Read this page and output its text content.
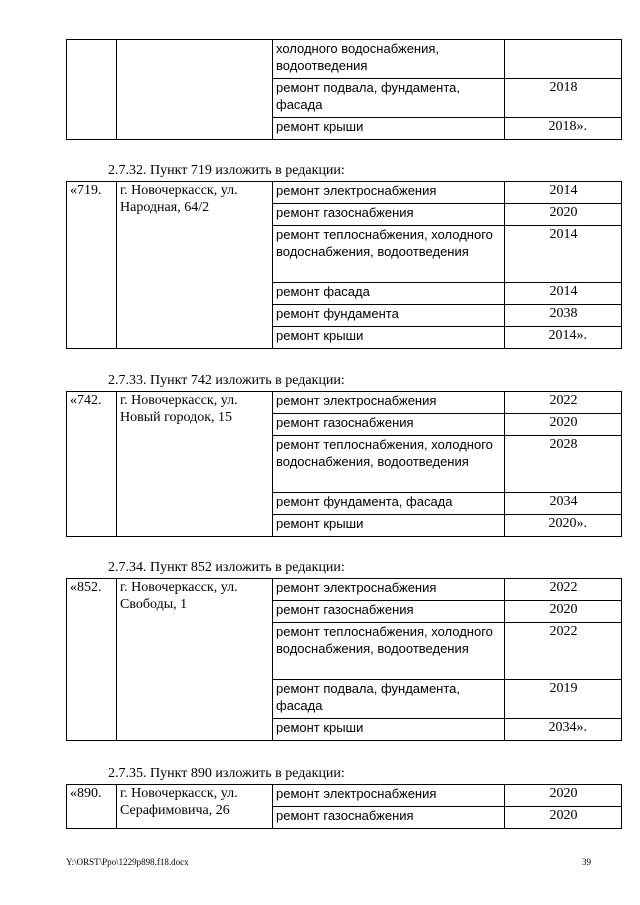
		холодного водоснабжения, водоотведения	
		ремонт подвала, фундамента, фасада	2018
		ремонт крыши	2018».
2.7.32. Пункт 719 изложить в редакции:
«719.	г. Новочеркасск, ул. Народная, 64/2	ремонт электроснабжения	2014
		ремонт газоснабжения	2020
		ремонт теплоснабжения, холодного водоснабжения, водоотведения	2014
		ремонт фасада	2014
		ремонт фундамента	2038
		ремонт крыши	2014».
2.7.33. Пункт 742 изложить в редакции:
«742.	г. Новочеркасск, ул. Новый городок, 15	ремонт электроснабжения	2022
		ремонт газоснабжения	2020
		ремонт теплоснабжения, холодного водоснабжения, водоотведения	2028
		ремонт фундамента, фасада	2034
		ремонт крыши	2020».
2.7.34. Пункт 852 изложить в редакции:
«852.	г. Новочеркасск, ул. Свободы, 1	ремонт электроснабжения	2022
		ремонт газоснабжения	2020
		ремонт теплоснабжения, холодного водоснабжения, водоотведения	2022
		ремонт подвала, фундамента, фасада	2019
		ремонт крыши	2034».
2.7.35. Пункт 890 изложить в редакции:
«890.	г. Новочеркасск, ул. Серафимовича, 26	ремонт электроснабжения	2020
		ремонт газоснабжения	2020
Y:\ORST\Ppo\1229p898.f18.docx	39
